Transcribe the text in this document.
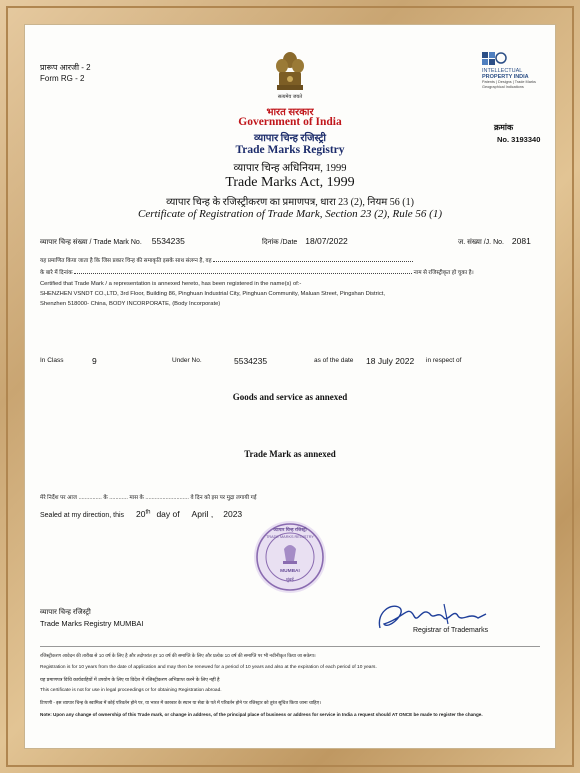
प्रारूप आरजी - 2
Form RG - 2
सत्यमेव जयते
भारत सरकार
Government of India
व्यापार चिन्ह रजिस्ट्री
Trade Marks Registry
INTELLECTUAL
PROPERTY INDIA
Patents | Designs | Trade Marks
Geographical Indications
क्रमांक
No. 3193340
व्यापार चिन्ह अधिनियम, 1999
Trade Marks Act, 1999
व्यापार चिन्ह के रजिस्ट्रीकरण का प्रमाणपत्र, धारा 23 (2), नियम 56 (1)
Certificate of Registration of Trade Mark, Section 23 (2), Rule 56 (1)
व्यापार चिन्ह संख्या / Trade Mark No. 5534235	दिनांक /Date 18/07/2022	ज. संख्या /J. No. 2081
यह प्रमाणित किया जाता है कि जिस प्रकार चिन्ह की समाकृति इसके साथ संलग्न है, वह
के बारे में दिनांक	नाम से रजिस्ट्रीकृत हो चुका है।
Certified that Trade Mark / a representation is annexed hereto, has been registered in the name(s) of:-
SHENZHEN VSNDT CO.,LTD, 3rd Floor, Building 86, Pinghuan Industrial City, Pinghuan Community, Maluan Street, Pingshan District,
Shenzhen 518000- China, BODY INCORPORATE, (Body Incorporate)
In Class	9	Under No.	5534235	as of the date 18 July 2022 in respect of
Goods and service as annexed
Trade Mark as annexed
मेरे निर्देश पर आज ............... के ............ मास के ............................ वे दिन को इस पर मुद्रा लगायी गई
Sealed at my direction, this 20th day of April , 2023
व्यापार चिन्ह रजिस्ट्री
TRADE MARKS REGISTRY
MUMBAI
मुंबई
व्यापार चिन्ह रजिस्ट्री
Trade Marks Registry MUMBAI
Registrar of Trademarks
रजिस्ट्रीकरण आवेदन की तारीख से 10 वर्ष के लिए है और तदोपरांत हर 10 वर्ष की समाप्ति के लिए और प्रत्येक 10 वर्ष की समाप्ति पर भी नवीनीकृत किया जा सकेगा।
Registration is for 10 years from the date of application and may then be renewed for a period of 10 years and also at the expiration of each period of 10 years.
यह प्रमाणपत्र विधि कार्यवाहियों में उपयोग के लिए या विदेश में रजिस्ट्रीकरण अभिप्राप्त करने के लिए नहीं है
This certificate is not for use in legal proceedings or for obtaining Registration abroad.
टिप्पणी - इस व्यापार चिन्ह के स्वामित्व में कोई परिवर्तन होने पर, या भारत में कारबार के स्थान या सेवा के पते में परिवर्तन होने पर रजिस्ट्रार को तुरंत सूचित किया जाना चाहिए।
Note: Upon any change of ownership of this Trade mark, or change in address, of the principal place of business or address for service in India a request should AT ONCE be made to register the change.
